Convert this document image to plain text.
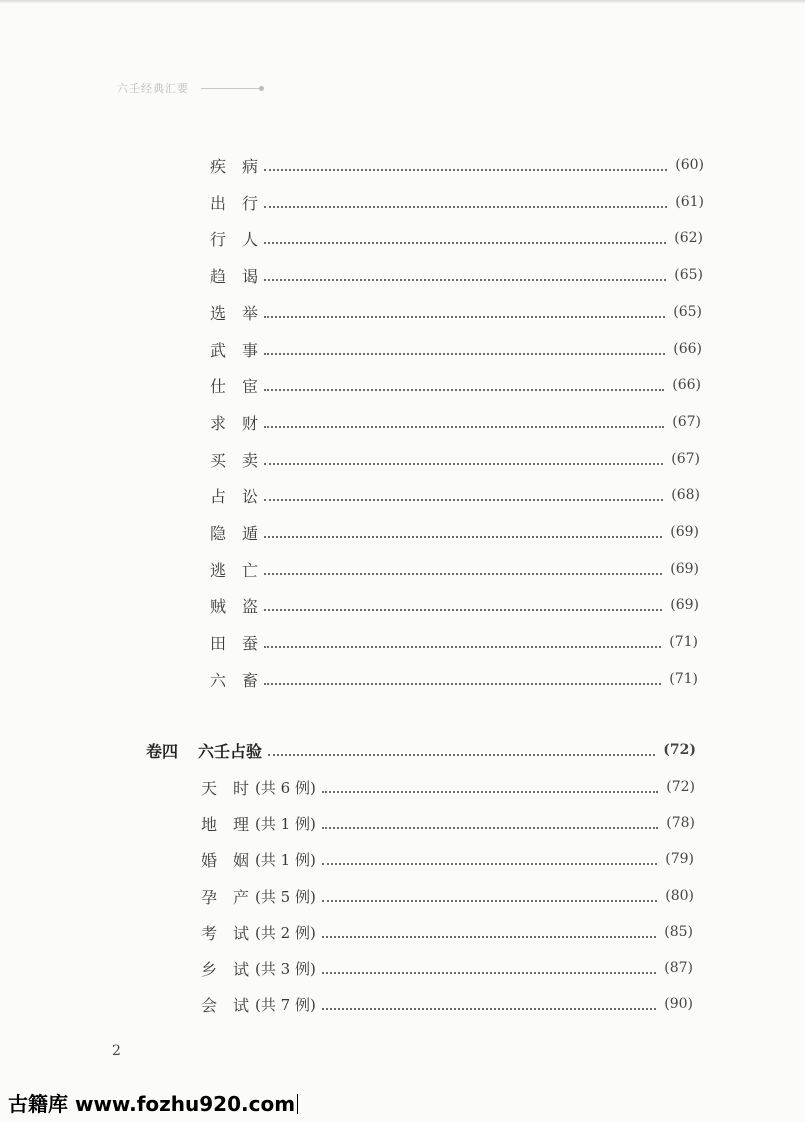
六壬经典汇要
疾 病	(60)
出 行	(61)
行 人	(62)
趋 谒	(65)
选 举	(65)
武 事	(66)
仕 宦	(66)
求 财	(67)
买 卖	(67)
占 讼	(68)
隐 遁	(69)
逃 亡	(69)
贼 盗	(69)
田 蚕	(71)
六 畜	(71)
卷四 六壬占验	(72)
天 时 (共 6 例)	(72)
地 理 (共 1 例)	(78)
婚 姻 (共 1 例)	(79)
孕 产 (共 5 例)	(80)
考 试 (共 2 例)	(85)
乡 试 (共 3 例)	(87)
会 试 (共 7 例)	(90)
2
古籍库 www.fozhu920.com
